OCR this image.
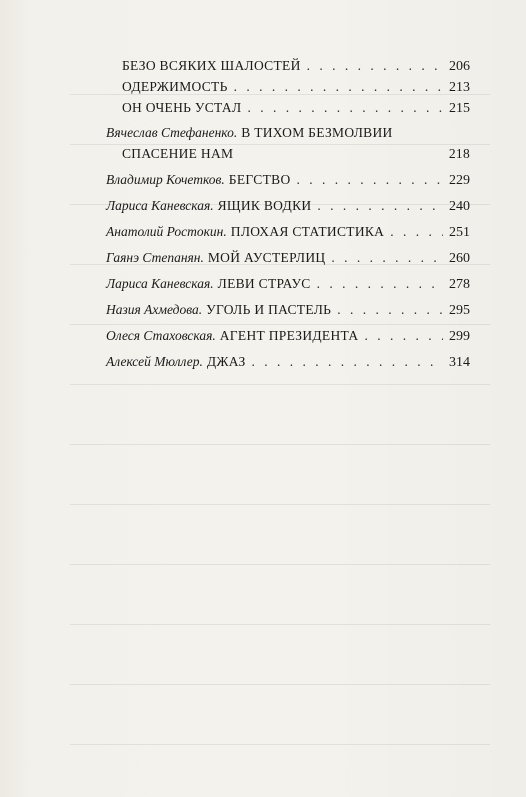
БЕЗО ВСЯКИХ ШАЛОСТЕЙ . . .	206
ОДЕРЖИМОСТЬ . . .	213
ОН ОЧЕНЬ УСТАЛ . . .	215
Вячеслав Стефаненко. В ТИХОМ БЕЗМОЛВИИ
СПАСЕНИЕ НАМ	218
Владимир Кочетков. БЕГСТВО . . .	229
Лариса Каневская. ЯЩИК ВОДКИ . . .	240
Анатолий Ростокин. ПЛОХАЯ СТАТИСТИКА . . .	251
Гаянэ Степанян. МОЙ АУСТЕРЛИЦ . . .	260
Лариса Каневская. ЛЕВИ СТРАУС . . .	278
Назия Ахмедова. УГОЛЬ И ПАСТЕЛЬ . . .	295
Олеся Стаховская. АГЕНТ ПРЕЗИДЕНТА . . .	299
Алексей Мюллер. ДЖАЗ . . .	314
